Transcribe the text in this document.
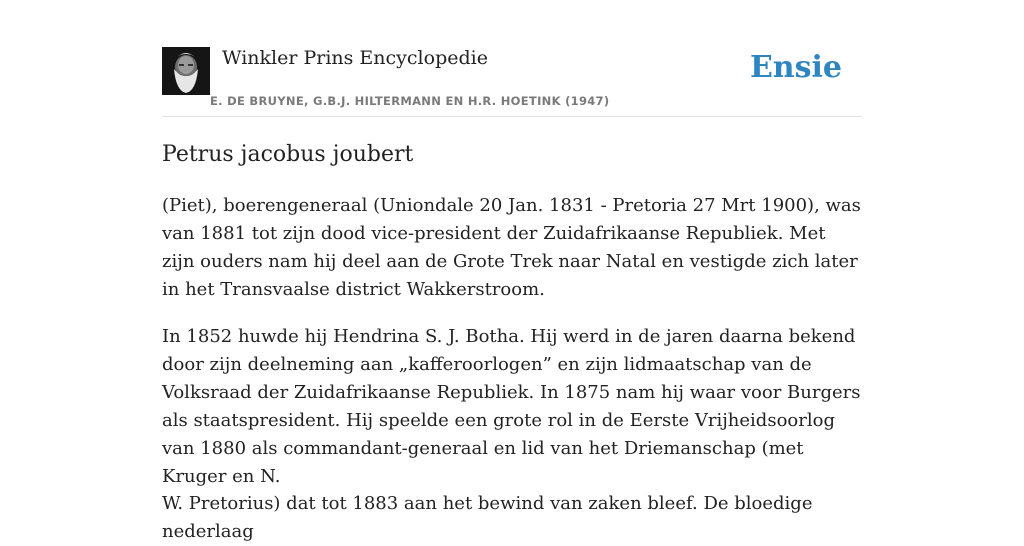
Winkler Prins Encyclopedie
E. DE BRUYNE, G.B.J. HILTERMANN EN H.R. HOETINK (1947)
Ensie
Petrus jacobus joubert

(Piet), boerengeneraal (Uniondale 20 Jan. 1831 - Pretoria 27 Mrt 1900), was van 1881 tot zijn dood vice-president der Zuidafrikaanse Republiek. Met zijn ouders nam hij deel aan de Grote Trek naar Natal en vestigde zich later in het Transvaalse district Wakkerstroom.

In 1852 huwde hij Hendrina S. J. Botha. Hij werd in de jaren daarna bekend door zijn deelneming aan „kafferoorlogen” en zijn lidmaatschap van de Volksraad der Zuidafrikaanse Republiek. In 1875 nam hij waar voor Burgers als staatspresident. Hij speelde een grote rol in de Eerste Vrijheidsoorlog van 1880 als commandant-generaal en lid van het Driemanschap (met Kruger en N.

W. Pretorius) dat tot 1883 aan het bewind van zaken bleef. De bloedige nederlaag
